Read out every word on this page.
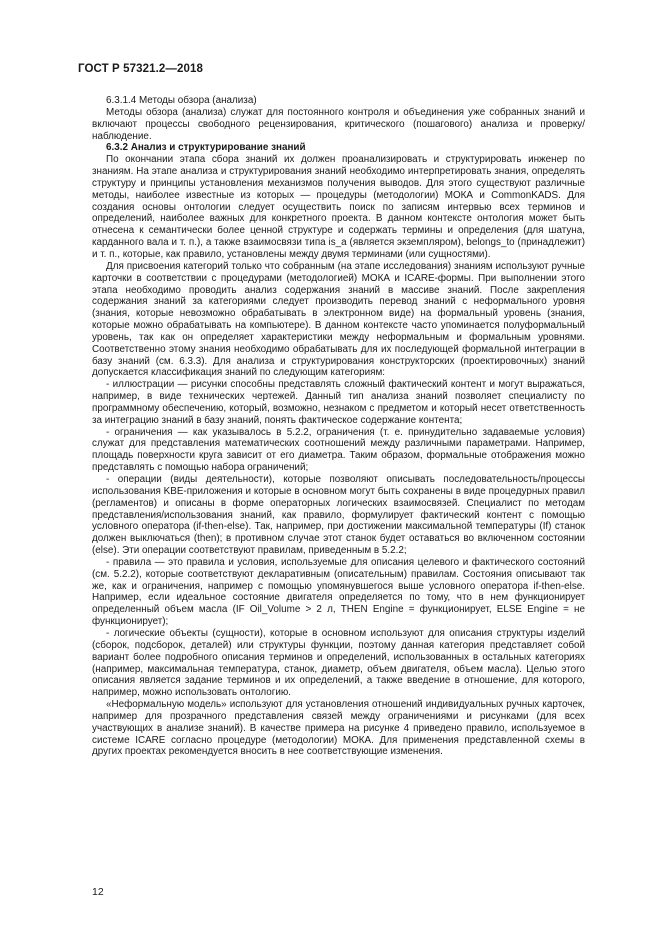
ГОСТ Р 57321.2—2018

6.3.1.4 Методы обзора (анализа)

Методы обзора (анализа) служат для постоянного контроля и объединения уже собранных знаний и включают процессы свободного рецензирования, критического (пошагового) анализа и проверку/наблюдение.

6.3.2 Анализ и структурирование знаний

По окончании этапа сбора знаний их должен проанализировать и структурировать инженер по знаниям. На этапе анализа и структурирования знаний необходимо интерпретировать знания, определять структуру и принципы установления механизмов получения выводов. Для этого существуют различные методы, наиболее известные из которых — процедуры (методологии) МОКА и CommonKADS. Для создания основы онтологии следует осуществить поиск по записям интервью всех терминов и определений, наиболее важных для конкретного проекта. В данном контексте онтология может быть отнесена к семантически более ценной структуре и содержать термины и определения (для шатуна, карданного вала и т. п.), а также взаимосвязи типа is_a (является экземпляром), belongs_to (принадлежит) и т. п., которые, как правило, установлены между двумя терминами (или сущностями).

Для присвоения категорий только что собранным (на этапе исследования) знаниям используют ручные карточки в соответствии с процедурами (методологией) МОКА и ICARE-формы. При выполнении этого этапа необходимо проводить анализ содержания знаний в массиве знаний. После закрепления содержания знаний за категориями следует производить перевод знаний с неформального уровня (знания, которые невозможно обрабатывать в электронном виде) на формальный уровень (знания, которые можно обрабатывать на компьютере). В данном контексте часто упоминается полуформальный уровень, так как он определяет характеристики между неформальным и формальным уровнями. Соответственно этому знания необходимо обрабатывать для их последующей формальной интеграции в базу знаний (см. 6.3.3). Для анализа и структурирования конструкторских (проектировочных) знаний допускается классификация знаний по следующим категориям:

- иллюстрации — рисунки способны представлять сложный фактический контент и могут выражаться, например, в виде технических чертежей. Данный тип анализа знаний позволяет специалисту по программному обеспечению, который, возможно, незнаком с предметом и который несет ответственность за интеграцию знаний в базу знаний, понять фактическое содержание контента;

- ограничения — как указывалось в 5.2.2, ограничения (т. е. принудительно задаваемые условия) служат для представления математических соотношений между различными параметрами. Например, площадь поверхности круга зависит от его диаметра. Таким образом, формальные отображения можно представлять с помощью набора ограничений;

- операции (виды деятельности), которые позволяют описывать последовательность/процессы использования KBE-приложения и которые в основном могут быть сохранены в виде процедурных правил (регламентов) и описаны в форме операторных логических взаимосвязей. Специалист по методам представления/использования знаний, как правило, формулирует фактический контент с помощью условного оператора (if-then-else). Так, например, при достижении максимальной температуры (If) станок должен выключаться (then); в противном случае этот станок будет оставаться во включенном состоянии (else). Эти операции соответствуют правилам, приведенным в 5.2.2;

- правила — это правила и условия, используемые для описания целевого и фактического состояний (см. 5.2.2), которые соответствуют декларативным (описательным) правилам. Состояния описывают так же, как и ограничения, например с помощью упомянувшегося выше условного оператора if-then-else. Например, если идеальное состояние двигателя определяется по тому, что в нем функционирует определенный объем масла (IF Oil_Volume > 2 л, THEN Engine = функционирует, ELSE Engine = не функционирует);

- логические объекты (сущности), которые в основном используют для описания структуры изделий (сборок, подсборок, деталей) или структуры функции, поэтому данная категория представляет собой вариант более подробного описания терминов и определений, использованных в остальных категориях (например, максимальная температура, станок, диаметр, объем двигателя, объем масла). Целью этого описания является задание терминов и их определений, а также введение в отношение, для которого, например, можно использовать онтологию.

«Неформальную модель» используют для установления отношений индивидуальных ручных карточек, например для прозрачного представления связей между ограничениями и рисунками (для всех участвующих в анализе знаний). В качестве примера на рисунке 4 приведено правило, используемое в системе ICARE согласно процедуре (методологии) МОКА. Для применения представленной схемы в других проектах рекомендуется вносить в нее соответствующие изменения.

12
